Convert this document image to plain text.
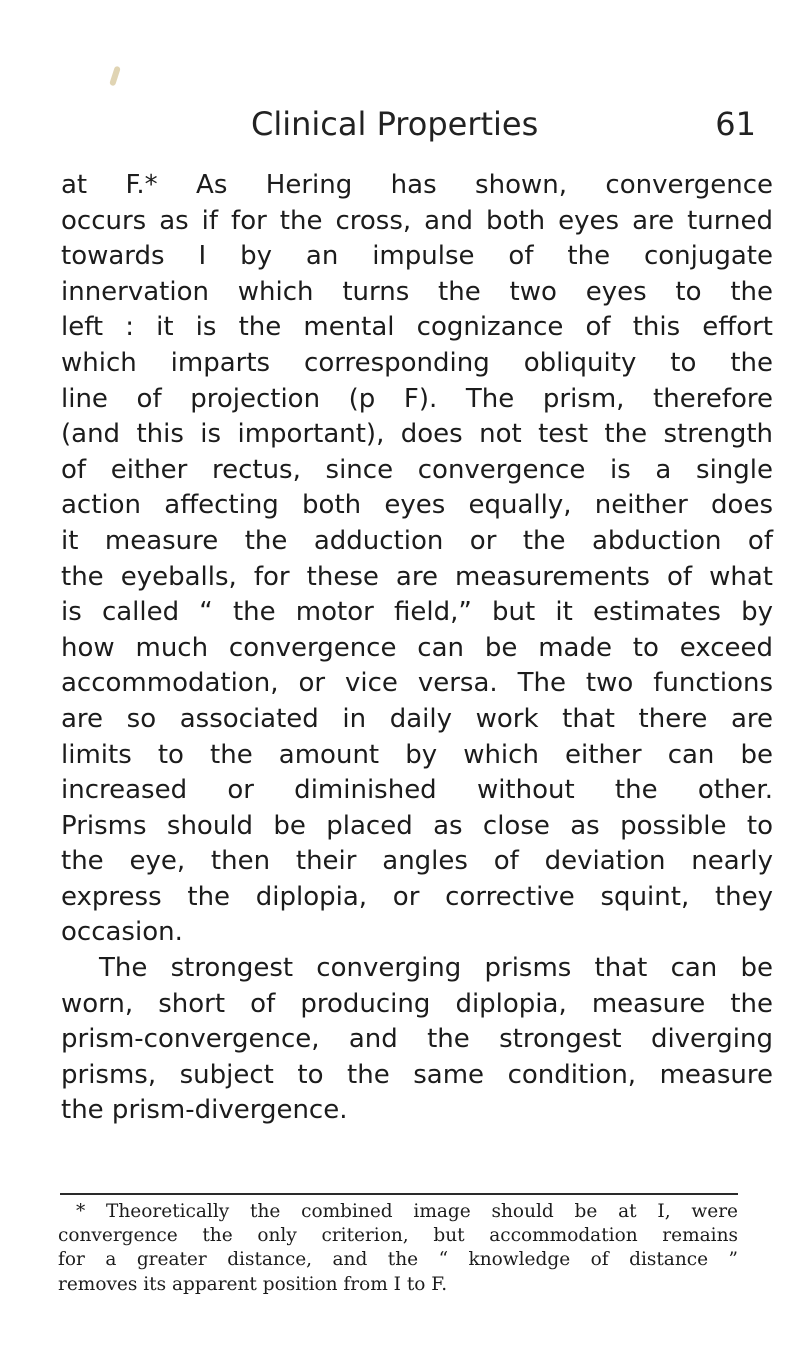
Clinical Properties	61
at F.* As Hering has shown, convergence
occurs as if for the cross, and both eyes are turned
towards I by an impulse of the conjugate
innervation which turns the two eyes to the
left : it is the mental cognizance of this effort
which imparts corresponding obliquity to the
line of projection (p F). The prism, therefore
(and this is important), does not test the strength
of either rectus, since convergence is a single
action affecting both eyes equally, neither does
it measure the adduction or the abduction of
the eyeballs, for these are measurements of what
is called “ the motor field,” but it estimates by
how much convergence can be made to exceed
accommodation, or vice versa. The two functions
are so associated in daily work that there are
limits to the amount by which either can be
increased or diminished without the other.
Prisms should be placed as close as possible to
the eye, then their angles of deviation nearly
express the diplopia, or corrective squint, they
occasion.
The strongest converging prisms that can be
worn, short of producing diplopia, measure the
prism-convergence, and the strongest diverging
prisms, subject to the same condition, measure
the prism-divergence.
* Theoretically the combined image should be at I, were
convergence the only criterion, but accommodation remains
for a greater distance, and the “ knowledge of distance ”
removes its apparent position from I to F.
